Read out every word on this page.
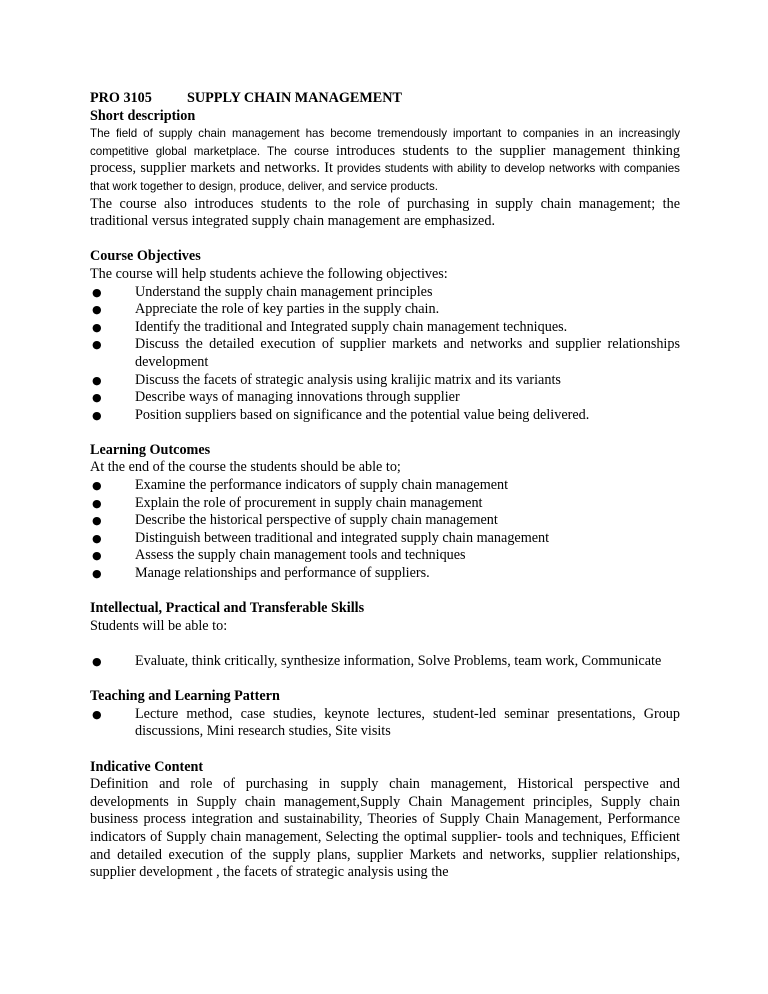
PRO 3105 SUPPLY CHAIN MANAGEMENT
Short description
The field of supply chain management has become tremendously important to companies in an increasingly competitive global marketplace. The course introduces students to the supplier management thinking process, supplier markets and networks. It provides students with ability to develop networks with companies that work together to design, produce, deliver, and service products.
The course also introduces students to the role of purchasing in supply chain management; the traditional versus integrated supply chain management are emphasized.
Course Objectives
The course will help students achieve the following objectives:
● Understand the supply chain management principles
● Appreciate the role of key parties in the supply chain.
● Identify the traditional and Integrated supply chain management techniques.
● Discuss the detailed execution of supplier markets and networks and supplier relationships development
● Discuss the facets of strategic analysis using kralijic matrix and its variants
● Describe ways of managing innovations through supplier
● Position suppliers based on significance and the potential value being delivered.
Learning Outcomes
At the end of the course the students should be able to;
● Examine the performance indicators of supply chain management
● Explain the role of procurement in supply chain management
● Describe the historical perspective of supply chain management
● Distinguish between traditional and integrated supply chain management
● Assess the supply chain management tools and techniques
● Manage relationships and performance of suppliers.
Intellectual, Practical and Transferable Skills
Students will be able to:
● Evaluate, think critically, synthesize information, Solve Problems, team work, Communicate
Teaching and Learning Pattern
● Lecture method, case studies, keynote lectures, student-led seminar presentations, Group discussions, Mini research studies, Site visits
Indicative Content
Definition and role of purchasing in supply chain management, Historical perspective and developments in Supply chain management,Supply Chain Management principles, Supply chain business process integration and sustainability, Theories of Supply Chain Management, Performance indicators of Supply chain management, Selecting the optimal supplier- tools and techniques, Efficient and detailed execution of the supply plans, supplier Markets and networks, supplier relationships, supplier development , the facets of strategic analysis using the
